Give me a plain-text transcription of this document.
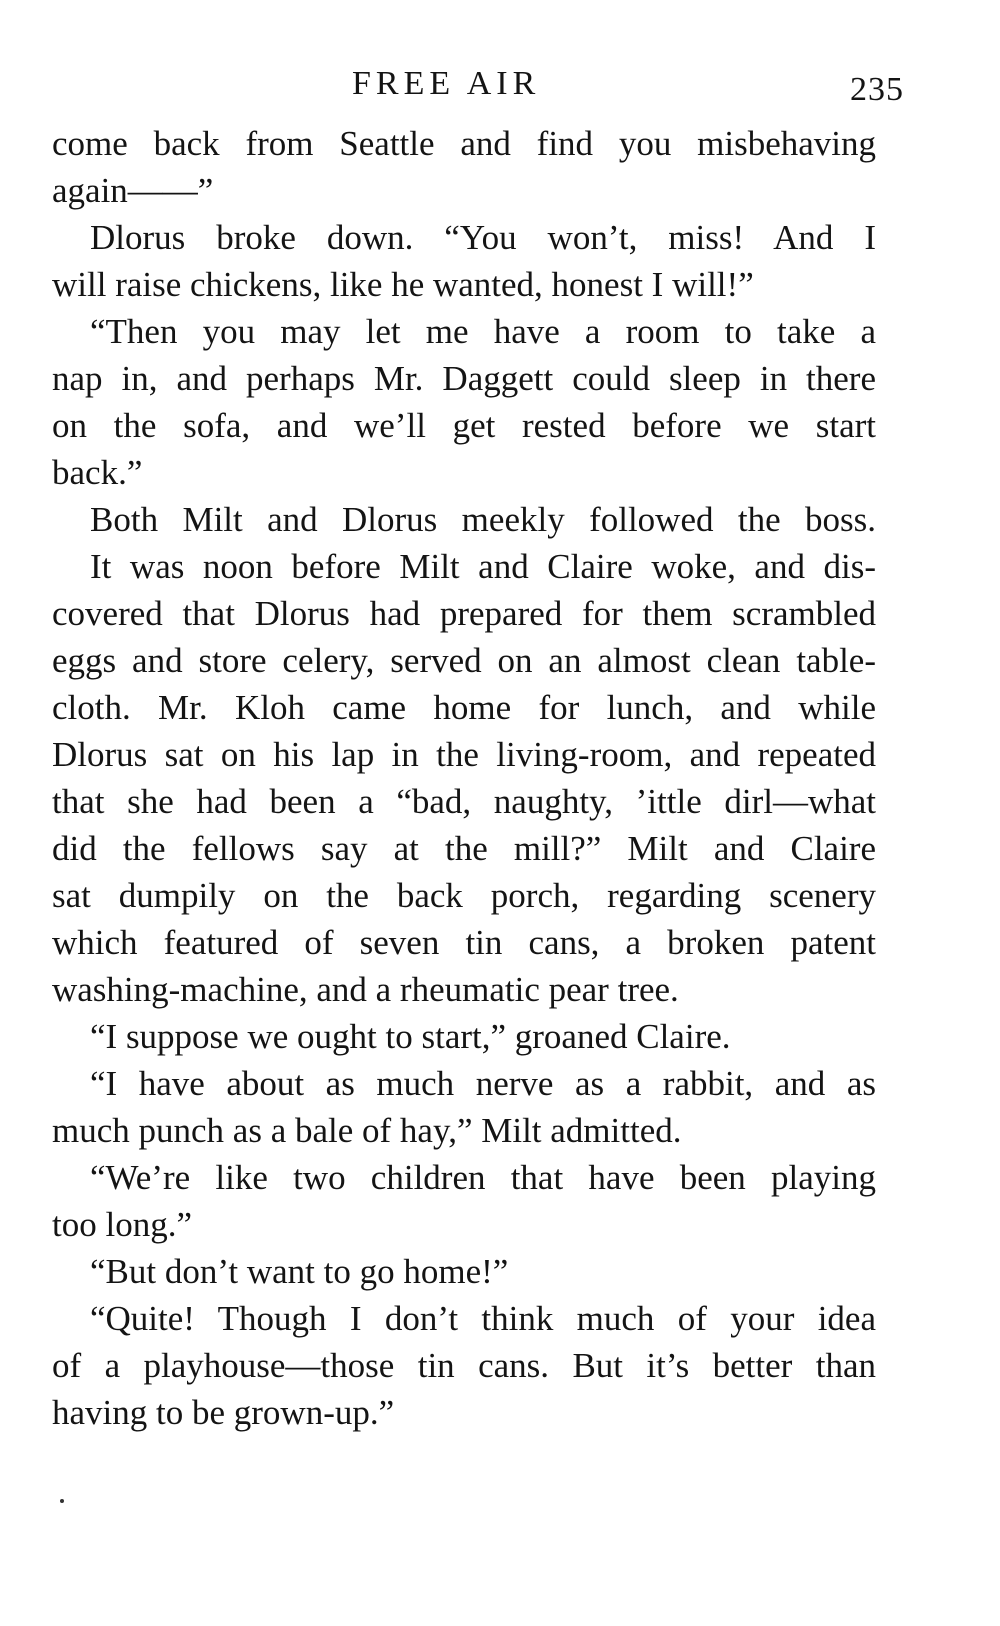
FREE AIR	235
come back from Seattle and find you misbehaving
again——”
Dlorus broke down. “You won’t, miss! And I
will raise chickens, like he wanted, honest I will!”
“Then you may let me have a room to take a
nap in, and perhaps Mr. Daggett could sleep in there
on the sofa, and we’ll get rested before we start
back.”
Both Milt and Dlorus meekly followed the boss.
It was noon before Milt and Claire woke, and dis-
covered that Dlorus had prepared for them scrambled
eggs and store celery, served on an almost clean table-
cloth. Mr. Kloh came home for lunch, and while
Dlorus sat on his lap in the living-room, and repeated
that she had been a “bad, naughty, ’ittle dirl—what
did the fellows say at the mill?” Milt and Claire
sat dumpily on the back porch, regarding scenery
which featured of seven tin cans, a broken patent
washing-machine, and a rheumatic pear tree.
“I suppose we ought to start,” groaned Claire.
“I have about as much nerve as a rabbit, and as
much punch as a bale of hay,” Milt admitted.
“We’re like two children that have been playing
too long.”
“But don’t want to go home!”
“Quite! Though I don’t think much of your idea
of a playhouse—those tin cans. But it’s better than
having to be grown-up.”
